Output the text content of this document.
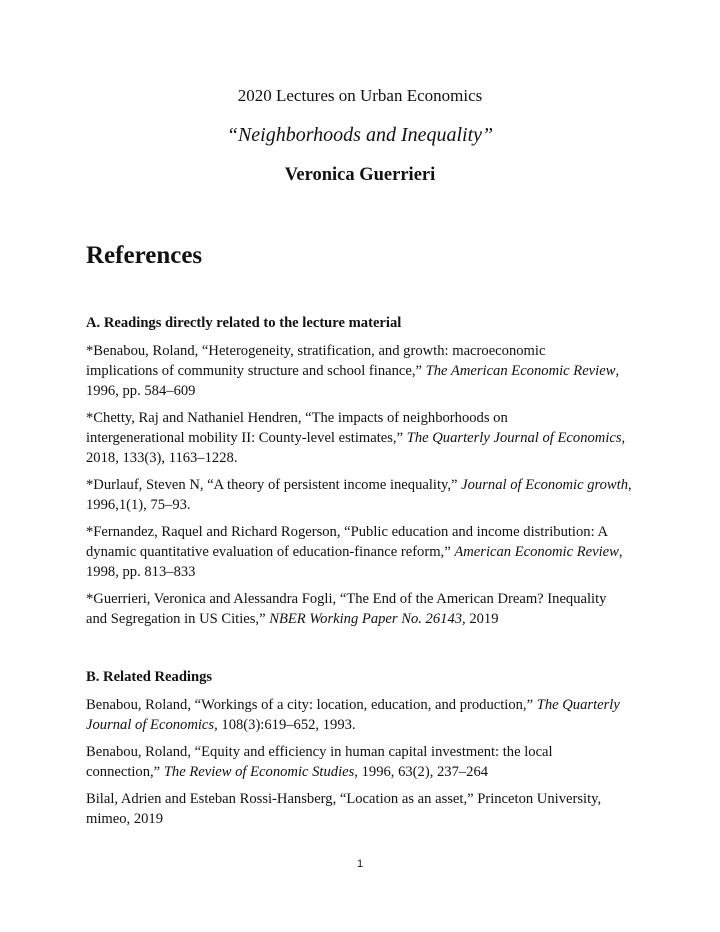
2020 Lectures on Urban Economics
“Neighborhoods and Inequality”
Veronica Guerrieri
References

A. Readings directly related to the lecture material

*Benabou, Roland, “Heterogeneity, stratification, and growth: macroeconomic
implications of community structure and school finance,” The American Economic Review,
1996, pp. 584–609

*Chetty, Raj and Nathaniel Hendren, “The impacts of neighborhoods on
intergenerational mobility II: County-level estimates,” The Quarterly Journal of Economics,
2018, 133(3), 1163–1228.

*Durlauf, Steven N, “A theory of persistent income inequality,” Journal of Economic growth,
1996,1(1), 75–93.

*Fernandez, Raquel and Richard Rogerson, “Public education and income distribution: A
dynamic quantitative evaluation of education-finance reform,” American Economic Review,
1998, pp. 813–833

*Guerrieri, Veronica and Alessandra Fogli, “The End of the American Dream? Inequality
and Segregation in US Cities,” NBER Working Paper No. 26143, 2019

B. Related Readings

Benabou, Roland, “Workings of a city: location, education, and production,” The Quarterly
Journal of Economics, 108(3):619–652, 1993.

Benabou, Roland, “Equity and efficiency in human capital investment: the local
connection,” The Review of Economic Studies, 1996, 63(2), 237–264

Bilal, Adrien and Esteban Rossi-Hansberg, “Location as an asset,” Princeton University,
mimeo, 2019

1
